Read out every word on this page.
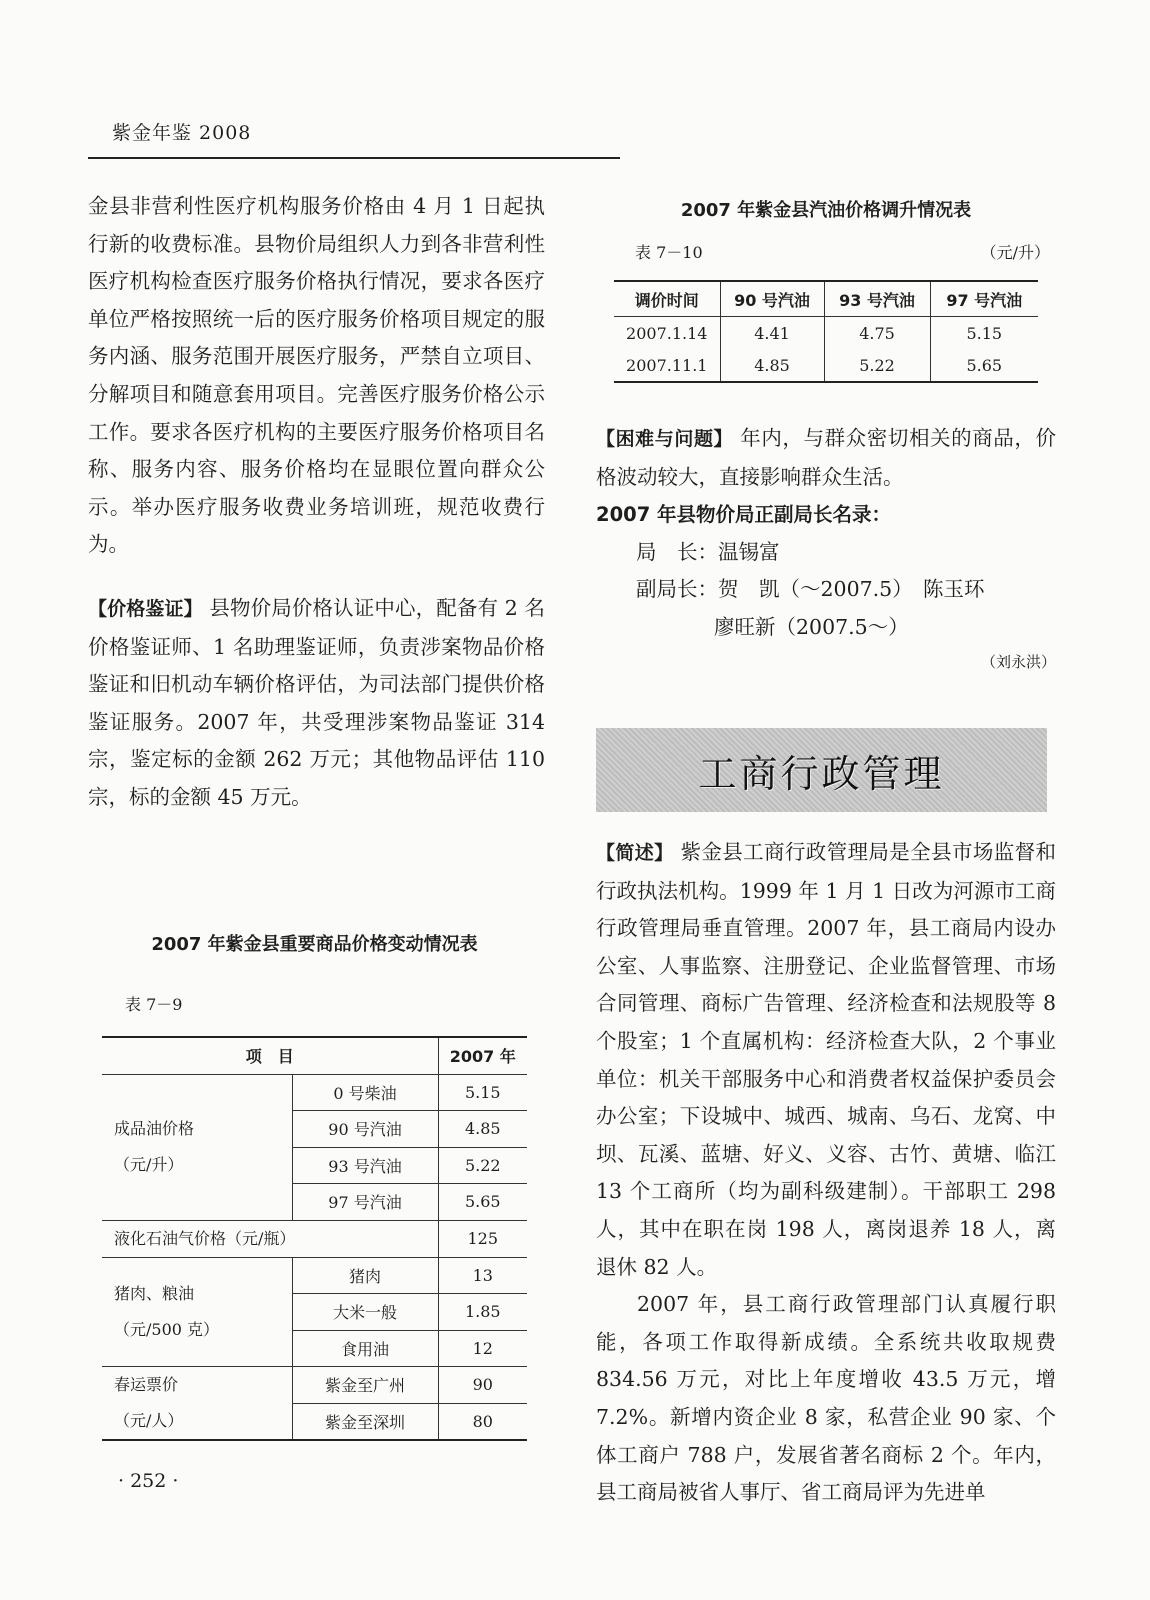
紫金年鉴 2008

金县非营利性医疗机构服务价格由 4 月 1 日起执行新的收费标准。县物价局组织人力到各非营利性医疗机构检查医疗服务价格执行情况，要求各医疗单位严格按照统一后的医疗服务价格项目规定的服务内涵、服务范围开展医疗服务，严禁自立项目、分解项目和随意套用项目。完善医疗服务价格公示工作。要求各医疗机构的主要医疗服务价格项目名称、服务内容、服务价格均在显眼位置向群众公示。举办医疗服务收费业务培训班，规范收费行为。

【价格鉴证】 县物价局价格认证中心，配备有 2 名价格鉴证师、1 名助理鉴证师，负责涉案物品价格鉴证和旧机动车辆价格评估，为司法部门提供价格鉴证服务。2007 年，共受理涉案物品鉴证 314 宗，鉴定标的金额 262 万元；其他物品评估 110 宗，标的金额 45 万元。

2007 年紫金县重要商品价格变动情况表
表 7－9
项　目		2007 年

成品油价格
（元/升）	0 号柴油	5.15
	90 号汽油	4.85
	93 号汽油	5.22
	97 号汽油	5.65
液化石油气价格（元/瓶）		125

猪肉、粮油
（元/500 克）	猪肉	13
	大米一般	1.85
	食用油	12

春运票价
（元/人）	紫金至广州	90
	紫金至深圳	80
· 252 ·
2007 年紫金县汽油价格调升情况表
表 7－10	（元/升）
调价时间	90 号汽油	93 号汽油	97 号汽油
2007.1.14	4.41	4.75	5.15
2007.11.1	4.85	5.22	5.65

【困难与问题】 年内，与群众密切相关的商品，价格波动较大，直接影响群众生活。

2007 年县物价局正副局长名录：

局　长：温锡富

副局长：贺　凯（～2007.5）　陈玉环

廖旺新（2007.5～）

（刘永洪）

工商行政管理

【简述】 紫金县工商行政管理局是全县市场监督和行政执法机构。1999 年 1 月 1 日改为河源市工商行政管理局垂直管理。2007 年，县工商局内设办公室、人事监察、注册登记、企业监督管理、市场合同管理、商标广告管理、经济检查和法规股等 8 个股室；1 个直属机构：经济检查大队，2 个事业单位：机关干部服务中心和消费者权益保护委员会办公室；下设城中、城西、城南、乌石、龙窝、中坝、瓦溪、蓝塘、好义、义容、古竹、黄塘、临江 13 个工商所（均为副科级建制）。干部职工 298 人，其中在职在岗 198 人，离岗退养 18 人，离退休 82 人。

2007 年，县工商行政管理部门认真履行职能，各项工作取得新成绩。全系统共收取规费 834.56 万元，对比上年度增收 43.5 万元，增 7.2%。新增内资企业 8 家，私营企业 90 家、个体工商户 788 户，发展省著名商标 2 个。年内，县工商局被省人事厅、省工商局评为先进单
